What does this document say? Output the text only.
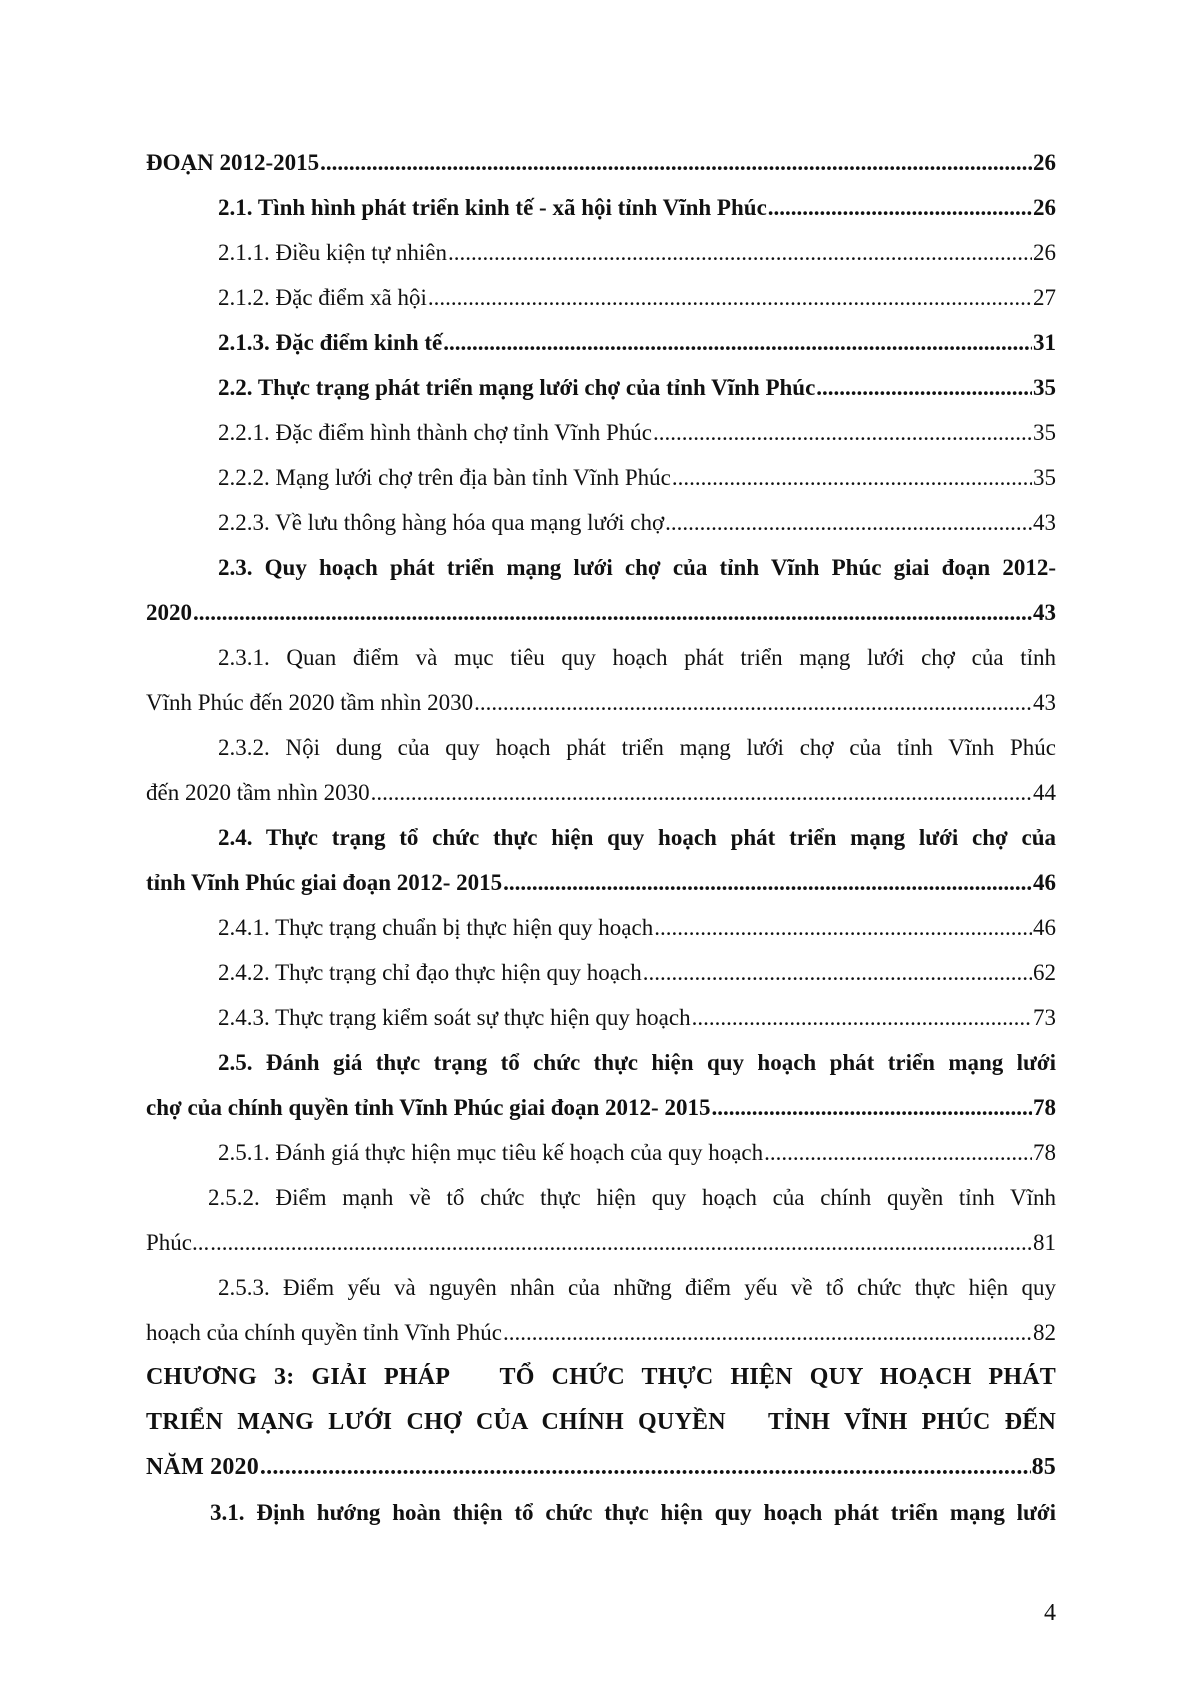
ĐOẠN 2012-2015 .....	26
2.1. Tình hình phát triển kinh tế - xã hội tỉnh Vĩnh Phúc .....	26
2.1.1. Điều kiện tự nhiên .....	26
2.1.2. Đặc điểm xã hội .....	27
2.1.3. Đặc điểm kinh tế .....	31
2.2. Thực trạng phát triển mạng lưới chợ của tỉnh Vĩnh Phúc .....	35
2.2.1. Đặc điểm hình thành chợ tỉnh Vĩnh Phúc .....	35
2.2.2. Mạng lưới chợ trên địa bàn tỉnh Vĩnh Phúc .....	35
2.2.3. Về lưu thông hàng hóa qua mạng lưới chợ .....	43
2.3. Quy hoạch phát triển mạng lưới chợ của tỉnh Vĩnh Phúc giai đoạn 2012-
2020 .....	43
2.3.1. Quan điểm và mục tiêu quy hoạch phát triển mạng lưới chợ của tỉnh
Vĩnh Phúc đến 2020 tầm nhìn 2030 .....	43
2.3.2. Nội dung của quy hoạch phát triển mạng lưới chợ của tỉnh Vĩnh Phúc
đến 2020 tầm nhìn 2030 .....	44
2.4. Thực trạng tổ chức thực hiện quy hoạch phát triển mạng lưới chợ của
tỉnh Vĩnh Phúc giai đoạn 2012- 2015 .....	46
2.4.1. Thực trạng chuẩn bị thực hiện quy hoạch .....	46
2.4.2. Thực trạng chỉ đạo thực hiện quy hoạch .....	62
2.4.3. Thực trạng kiểm soát sự thực hiện quy hoạch .....	73
2.5. Đánh giá thực trạng tổ chức thực hiện quy hoạch phát triển mạng lưới
chợ của chính quyền tỉnh Vĩnh Phúc giai đoạn 2012- 2015 .....	78
2.5.1. Đánh giá thực hiện mục tiêu kế hoạch của quy hoạch .....	78
2.5.2. Điểm mạnh về tổ chức thực hiện quy hoạch của chính quyền tỉnh Vĩnh
Phúc... .....	81
2.5.3. Điểm yếu và nguyên nhân của những điểm yếu về tổ chức thực hiện quy
hoạch của chính quyền tỉnh Vĩnh Phúc .....	82
CHƯƠNG 3: GIẢI PHÁP   TỔ CHỨC THỰC HIỆN QUY HOẠCH PHÁT
TRIỂN MẠNG LƯỚI CHỢ CỦA CHÍNH QUYỀN   TỈNH VĨNH PHÚC ĐẾN
NĂM 2020 .....	85
3.1. Định hướng hoàn thiện tổ chức thực hiện quy hoạch phát triển mạng lưới
4
